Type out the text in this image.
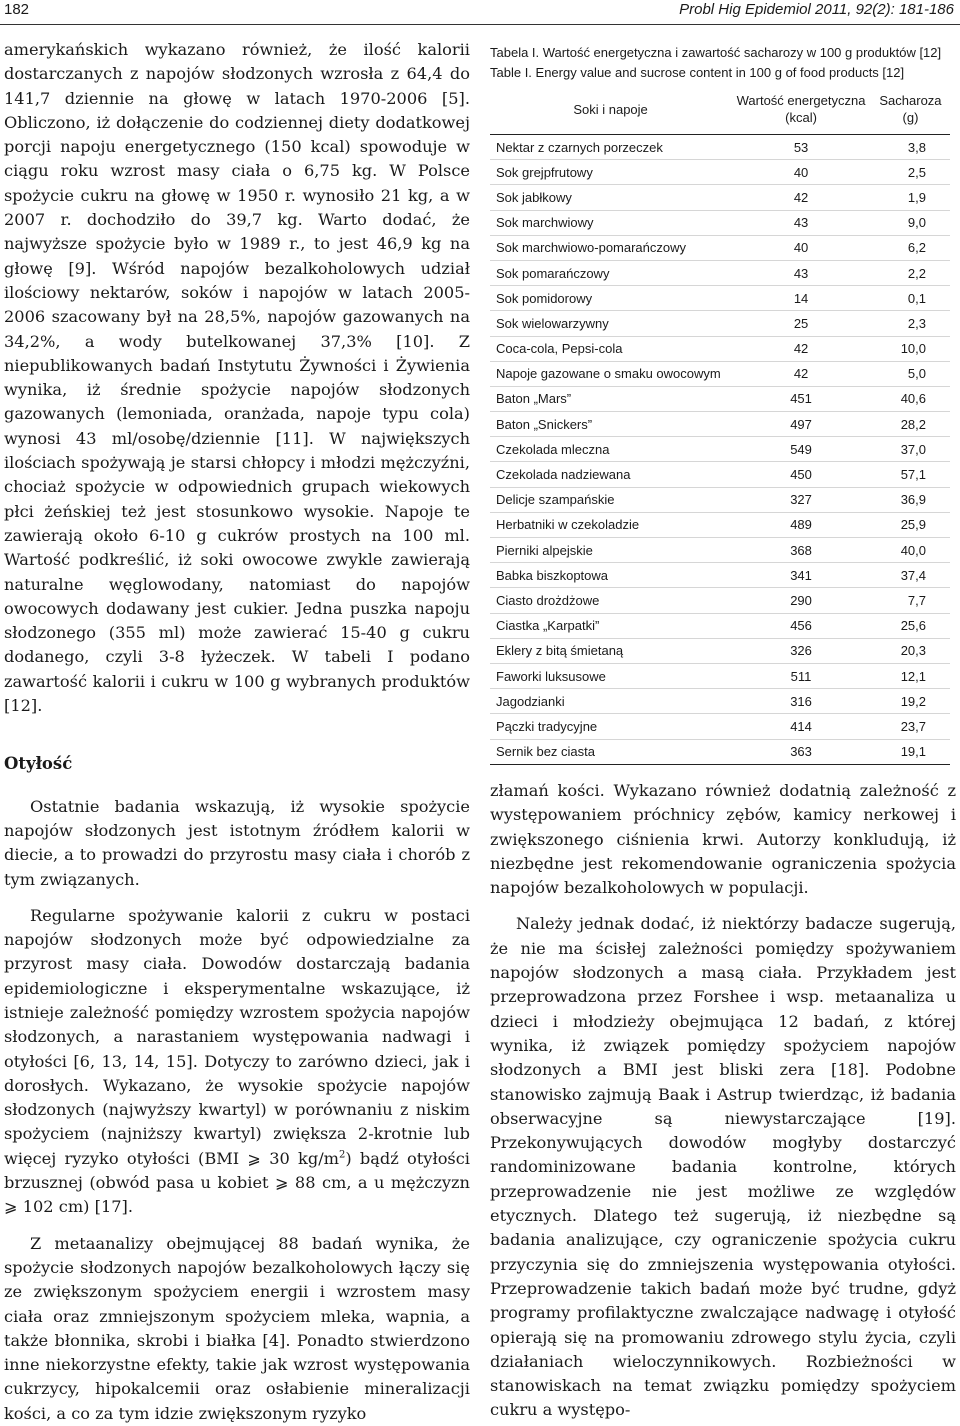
182	Probl Hig Epidemiol 2011, 92(2): 181-186

amerykańskich wykazano również, że ilość kalorii dostarczanych z napojów słodzonych wzrosła z 64,4 do 141,7 dziennie na głowę w latach 1970-2006 [5]. Obliczono, iż dołączenie do codziennej diety dodatkowej porcji napoju energetycznego (150 kcal) spowoduje w ciągu roku wzrost masy ciała o 6,75 kg. W Polsce spożycie cukru na głowę w 1950 r. wynosiło 21 kg, a w 2007 r. dochodziło do 39,7 kg. Warto dodać, że najwyższe spożycie było w 1989 r., to jest 46,9 kg na głowę [9]. Wśród napojów bezalkoholowych udział ilościowy nektarów, soków i napojów w latach 2005-2006 szacowany był na 28,5%, napojów gazowanych na 34,2%, a wody butelkowanej 37,3% [10]. Z niepublikowanych badań Instytutu Żywności i Żywienia wynika, iż średnie spożycie napojów słodzonych gazowanych (lemoniada, oranżada, napoje typu cola) wynosi 43 ml/osobę/dziennie [11]. W największych ilościach spożywają je starsi chłopcy i młodzi mężczyźni, chociaż spożycie w odpowiednich grupach wiekowych płci żeńskiej też jest stosunkowo wysokie. Napoje te zawierają około 6-10 g cukrów prostych na 100 ml. Wartość podkreślić, iż soki owocowe zwykle zawierają naturalne węglowodany, natomiast do napojów owocowych dodawany jest cukier. Jedna puszka napoju słodzonego (355 ml) może zawierać 15-40 g cukru dodanego, czyli 3-8 łyżeczek. W tabeli I podano zawartość kalorii i cukru w 100 g wybranych produktów [12].

Otyłość

Ostatnie badania wskazują, iż wysokie spożycie napojów słodzonych jest istotnym źródłem kalorii w diecie, a to prowadzi do przyrostu masy ciała i chorób z tym związanych.

Regularne spożywanie kalorii z cukru w postaci napojów słodzonych może być odpowiedzialne za przyrost masy ciała. Dowodów dostarczają badania epidemiologiczne i eksperymentalne wskazujące, iż istnieje zależność pomiędzy wzrostem spożycia napojów słodzonych, a narastaniem występowania nadwagi i otyłości [6, 13, 14, 15]. Dotyczy to zarówno dzieci, jak i dorosłych. Wykazano, że wysokie spożycie napojów słodzonych (najwyższy kwartyl) w porównaniu z niskim spożyciem (najniższy kwartyl) zwiększa 2-krotnie lub więcej ryzyko otyłości (BMI ⩾ 30 $kg/m^2$) bądź otyłości brzusznej (obwód pasa u kobiet ⩾ 88 cm, a u mężczyzn ⩾ 102 cm) [17].

Z metaanalizy obejmującej 88 badań wynika, że spożycie słodzonych napojów bezalkoholowych łączy się ze zwiększonym spożyciem energii i wzrostem masy ciała oraz zmniejszonym spożyciem mleka, wapnia, a także błonnika, skrobi i białka [4]. Ponadto stwierdzono inne niekorzystne efekty, takie jak wzrost występowania cukrzycy, hipokalcemii oraz osłabienie mineralizacji kości, a co za tym idzie zwiększonym ryzyko

Tabela I. Wartość energetyczna i zawartość sacharozy w 100 g produktów [12]

Table I. Energy value and sucrose content in 100 g of food products [12]

Soki i napoje	Wartość energetyczna (kcal)	Sacharoza (g)
Nektar z czarnych porzeczek	53	3,8
Sok grejpfrutowy	40	2,5
Sok jabłkowy	42	1,9
Sok marchwiowy	43	9,0
Sok marchwiowo-pomarańczowy	40	6,2
Sok pomarańczowy	43	2,2
Sok pomidorowy	14	0,1
Sok wielowarzywny	25	2,3
Coca-cola, Pepsi-cola	42	10,0
Napoje gazowane o smaku owocowym	42	5,0
Baton „Mars”	451	40,6
Baton „Snickers”	497	28,2
Czekolada mleczna	549	37,0
Czekolada nadziewana	450	57,1
Delicje szampańskie	327	36,9
Herbatniki w czekoladzie	489	25,9
Pierniki alpejskie	368	40,0
Babka biszkoptowa	341	37,4
Ciasto drożdżowe	290	7,7
Ciastka „Karpatki”	456	25,6
Eklery z bitą śmietaną	326	20,3
Faworki luksusowe	511	12,1
Jagodzianki	316	19,2
Pączki tradycyjne	414	23,7
Sernik bez ciasta	363	19,1

złamań kości. Wykazano również dodatnią zależność z występowaniem próchnicy zębów, kamicy nerkowej i zwiększonego ciśnienia krwi. Autorzy konkludują, iż niezbędne jest rekomendowanie ograniczenia spożycia napojów bezalkoholowych w populacji.

Należy jednak dodać, iż niektórzy badacze sugerują, że nie ma ścisłej zależności pomiędzy spożywaniem napojów słodzonych a masą ciała. Przykładem jest przeprowadzona przez Forshee i wsp. metaanaliza u dzieci i młodzieży obejmująca 12 badań, z której wynika, iż związek pomiędzy spożyciem napojów słodzonych a BMI jest bliski zera [18]. Podobne stanowisko zajmują Baak i Astrup twierdząc, iż badania obserwacyjne są niewystarczające [19]. Przekonywujących dowodów mogłyby dostarczyć randominizowane badania kontrolne, których przeprowadzenie nie jest możliwe ze względów etycznych. Dlatego też sugerują, iż niezbędne są badania analizujące, czy ograniczenie spożycia cukru przyczynia się do zmniejszenia występowania otyłości. Przeprowadzenie takich badań może być trudne, gdyż programy profilaktyczne zwalczające nadwagę i otyłość opierają się na promowaniu zdrowego stylu życia, czyli działaniach wieloczynnikowych. Rozbieżności w stanowiskach na temat związku pomiędzy spożyciem cukru a występo-
